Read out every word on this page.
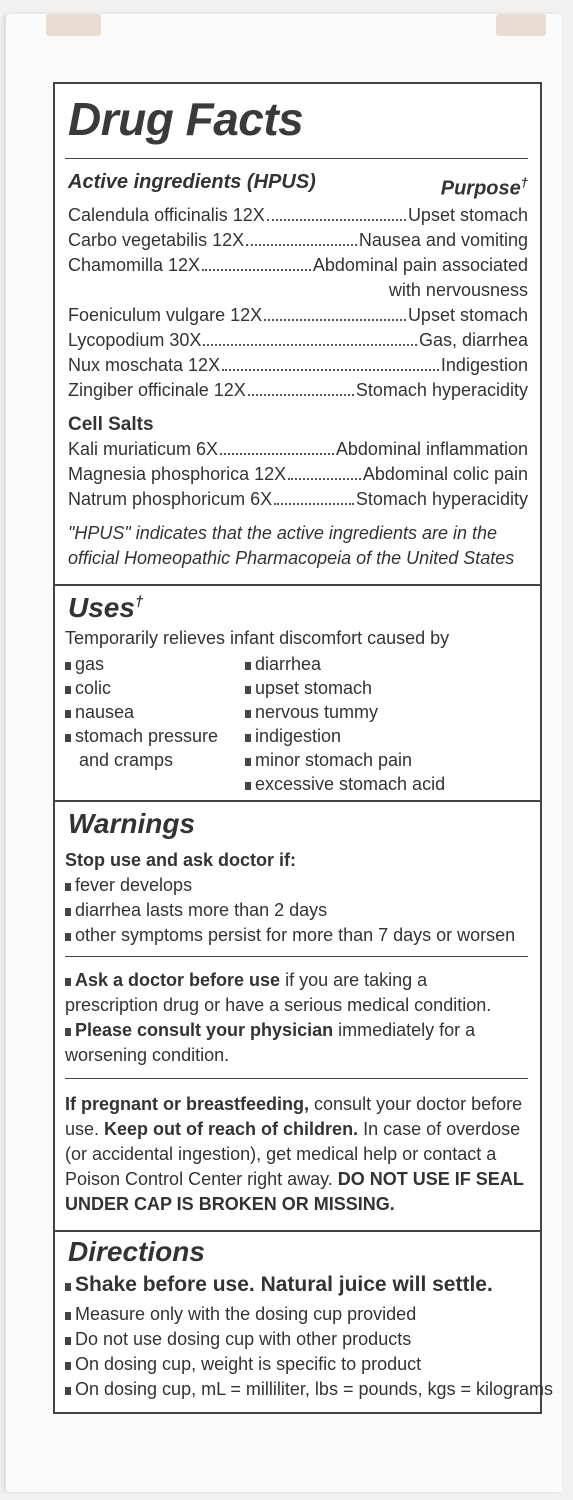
Drug Facts
Active ingredients (HPUS)	Purpose†
Calendula officinalis 12X	Upset stomach
Carbo vegetabilis 12X	Nausea and vomiting
Chamomilla 12X	Abdominal pain associated
with nervousness
Foeniculum vulgare 12X	Upset stomach
Lycopodium 30X	Gas, diarrhea
Nux moschata 12X	Indigestion
Zingiber officinale 12X	Stomach hyperacidity
Cell Salts
Kali muriaticum 6X	Abdominal inflammation
Magnesia phosphorica 12X	Abdominal colic pain
Natrum phosphoricum 6X	Stomach hyperacidity
"HPUS" indicates that the active ingredients are in the
official Homeopathic Pharmacopeia of the United States
Uses†
Temporarily relieves infant discomfort caused by
gas
colic
nausea
stomach pressure
and cramps
diarrhea
upset stomach
nervous tummy
indigestion
minor stomach pain
excessive stomach acid
Warnings
Stop use and ask doctor if:
fever develops
diarrhea lasts more than 2 days
other symptoms persist for more than 7 days or worsen
Ask a doctor before use if you are taking a
prescription drug or have a serious medical condition.
Please consult your physician immediately for a
worsening condition.
If pregnant or breastfeeding, consult your doctor before
use. Keep out of reach of children. In case of overdose
(or accidental ingestion), get medical help or contact a
Poison Control Center right away. DO NOT USE IF SEAL
UNDER CAP IS BROKEN OR MISSING.
Directions
Shake before use. Natural juice will settle.
Measure only with the dosing cup provided
Do not use dosing cup with other products
On dosing cup, weight is specific to product
On dosing cup, mL = milliliter, lbs = pounds, kgs = kilograms
